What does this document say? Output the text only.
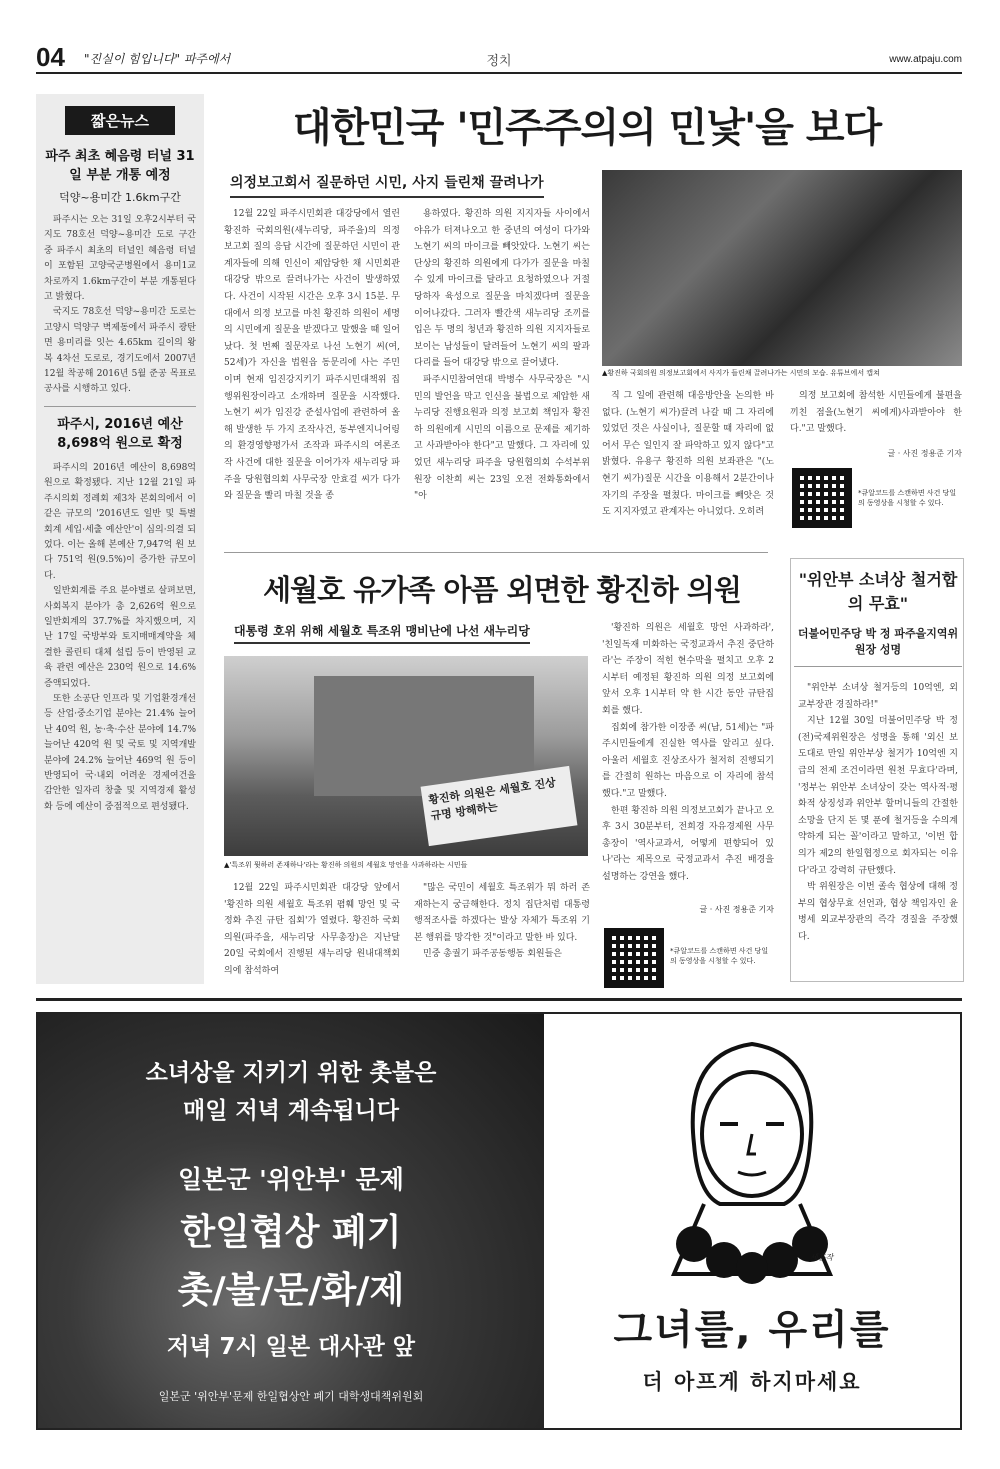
04 "진실이 힘입니다" 파주에서	정치	www.atpaju.com
짧은뉴스
파주 최초 혜음령 터널 31일 부분 개통 예정
덕양~용미간 1.6km구간

파주시는 오는 31일 오후2시부터 국지도 78호선 덕양~용미간 도로 구간 중 파주시 최초의 터널인 혜음령 터널이 포함된 고양국군병원에서 용미1교차로까지 1.6km구간이 부분 개통된다고 밝혔다.

국지도 78호선 덕양~용미간 도로는 고양시 덕양구 벽제동에서 파주시 광탄면 용미리를 잇는 4.65km 길이의 왕복 4차선 도로로, 경기도에서 2007년 12월 착공해 2016년 5월 준공 목표로 공사를 시행하고 있다.

파주시, 2016년 예산 8,698억 원으로 확정

파주시의 2016년 예산이 8,698억 원으로 확정됐다. 지난 12월 21일 파주시의회 정례회 제3차 본회의에서 이 같은 규모의 '2016년도 일반 및 특별회계 세입·세출 예산안'이 심의·의결 되었다. 이는 올해 본예산 7,947억 원 보다 751억 원(9.5%)이 증가한 규모이다.

일반회계를 주요 분야별로 살펴보면, 사회복지 분야가 총 2,626억 원으로 일반회계의 37.7%를 차지했으며, 지난 17일 국방부와 토지매매계약을 체결한 콜린티 대체 설립 등이 반영된 교육 관련 예산은 230억 원으로 14.6% 증액되었다.

또한 소공단 인프라 및 기업환경개선 등 산업·중소기업 분야는 21.4% 늘어난 40억 원, 농·축·수산 분야에 14.7% 늘어난 420억 원 및 국토 및 지역개발 분야에 24.2% 늘어난 469억 원 등이 반영되어 국·내외 어려운 경제여건을 감안한 일자리 창출 및 지역경제 활성화 등에 예산이 중점적으로 편성됐다.

대한민국 '민주주의의 민낯'을 보다
의정보고회서 질문하던 시민, 사지 들린채 끌려나가

12월 22일 파주시민회관 대강당에서 열린 황진하 국회의원(새누리당, 파주을)의 의정 보고회 질의 응답 시간에 질문하던 시민이 관계자들에 의해 인신이 제압당한 채 시민회관 대강당 밖으로 끌려나가는 사건이 발생하였다. 사건이 시작된 시간은 오후 3시 15분. 무대에서 의정 보고를 마친 황진하 의원이 세명의 시민에게 질문을 받겠다고 말했을 때 일어났다. 첫 번째 질문자로 나선 노현기 씨(여, 52세)가 자신을 법원읍 동문리에 사는 주민이며 현재 임진강지키기 파주시민대책위 집행위원장이라고 소개하며 질문을 시작했다. 노현기 씨가 임진강 준설사업에 관련하여 올해 발생한 두 가지 조작사건, 동부엔지니어링의 환경영향평가서 조작과 파주시의 여론조작 사건에 대한 질문을 이어가자 새누리당 파주을 당원협의회 사무국장 안효걸 씨가 다가와 질문을 빨리 마칠 것을 종

용하였다. 황진하 의원 지지자들 사이에서 야유가 터져나오고 한 중년의 여성이 다가와 노현기 씨의 마이크를 빼앗았다. 노현기 씨는 단상의 황진하 의원에게 다가가 질문을 마칠 수 있게 마이크를 달라고 요청하였으나 거절당하자 육성으로 질문을 마치겠다며 질문을 이어나갔다. 그러자 빨간색 새누리당 조끼를 입은 두 명의 청년과 황진하 의원 지지자들로 보이는 남성들이 달려들어 노현기 씨의 팔과 다리를 들어 대강당 밖으로 끌어냈다.

파주시민참여연대 박병수 사무국장은 "시민의 발언을 막고 인신을 불법으로 제압한 새누리당 진행요원과 의정 보고회 책임자 황진하 의원에게 시민의 이름으로 문제를 제기하고 사과받아야 한다"고 말했다. 그 자리에 있었던 새누리당 파주을 당원협의회 수석부위원장 이찬희 씨는 23일 오전 전화통화에서 "아

▲황진하 국회의원 의정보고회에서 사지가 들린채 끌려나가는 시민의 모습. 유튜브에서 캡쳐

직 그 일에 관련해 대응방안을 논의한 바 없다. (노현기 씨가)끌려 나갈 때 그 자리에 있었던 것은 사실이나, 질문할 때 자리에 없어서 무슨 일인지 잘 파악하고 있지 않다"고 밝혔다. 유용구 황진하 의원 보좌관은 "(노현기 씨가)질문 시간을 이용해서 2분간이나 자기의 주장을 펼쳤다. 마이크를 빼앗은 것도 지지자였고 관계자는 아니었다. 오히려

의정 보고회에 참석한 시민들에게 불편을 끼친 점을(노현기 씨에게)사과받아야 한다."고 말했다.

글 · 사진 정용준 기자
*큐알코드를 스캔하면 사건 당일의 동영상을 시청할 수 있다.
세월호 유가족 아픔 외면한 황진하 의원
대통령 호위 위해 세월호 특조위 맹비난에 나선 새누리당
황진하 의원은 세월호 진상규명 방해하는
▲'특조위 뭣하러 존재하나'라는 황진하 의원의 세월호 망언을 사과하라는 시민들

12월 22일 파주시민회관 대강당 앞에서 '황진하 의원 세월호 특조위 폄훼 망언 및 국정화 추진 규탄 집회'가 열렸다. 황진하 국회의원(파주을, 새누리당 사무총장)은 지난달 20일 국회에서 진행된 새누리당 원내대책회의에 참석하여

"많은 국민이 세월호 특조위가 뭐 하러 존재하는지 궁금해한다. 정치 집단처럼 대통령 행적조사를 하겠다는 발상 자체가 특조위 기본 행위를 망각한 것"이라고 말한 바 있다.

민중 총궐기 파주공동행동 회원들은

'황진하 의원은 세월호 망언 사과하라', '친일독재 미화하는 국정교과서 추진 중단하라'는 주장이 적힌 현수막을 펼치고 오후 2시부터 예정된 황진하 의원 의정 보고회에 앞서 오후 1시부터 약 한 시간 동안 규탄집회를 했다.

집회에 참가한 이장종 씨(남, 51세)는 "파주시민들에게 진실한 역사를 알리고 싶다. 아울러 세월호 진상조사가 철저히 진행되기를 간절히 원하는 마음으로 이 자리에 참석했다."고 말했다.

한편 황진하 의원 의정보고회가 끝나고 오후 3시 30분부터, 전희경 자유경제원 사무총장이 '역사교과서, 어떻게 편향되어 있나'라는 제목으로 국정교과서 추진 배경을 설명하는 강연을 했다.

글 · 사진 정용준 기자
*큐알코드를 스캔하면 사건 당일의 동영상을 시청할 수 있다.
"위안부 소녀상 철거합의 무효"
더불어민주당 박 정 파주을지역위원장 성명

"위안부 소녀상 철거등의 10억엔, 외교부장관 경질하라!"

지난 12월 30일 더불어민주당 박 정 (전)국제위원장은 성명을 통해 '외신 보도대로 만일 위안부상 철거가 10억엔 지급의 전제 조건이라면 원천 무효다'라며, '정부는 위안부 소녀상이 갖는 역사적·평화적 상징성과 위안부 할머니들의 간절한 소망을 단지 돈 몇 푼에 철거등을 수의계약하게 되는 꼴'이라고 말하고, '이번 합의가 제2의 한일협정으로 회자되는 이유다'라고 강력히 규탄했다.

박 위원장은 이번 졸속 협상에 대해 정부의 협상무효 선언과, 협상 책임자인 윤병세 외교부장관의 즉각 경질을 주장했다.

소녀상을 지키기 위한 촛불은
매일 저녁 계속됩니다
일본군 '위안부' 문제
한일협상 폐기
촛/불/문/화/제
저녁 7시 일본 대사관 앞
일본군 '위안부'문제 한일협상안 폐기 대학생대책위원회
세훈작
그녀를, 우리를
더 아프게 하지마세요
